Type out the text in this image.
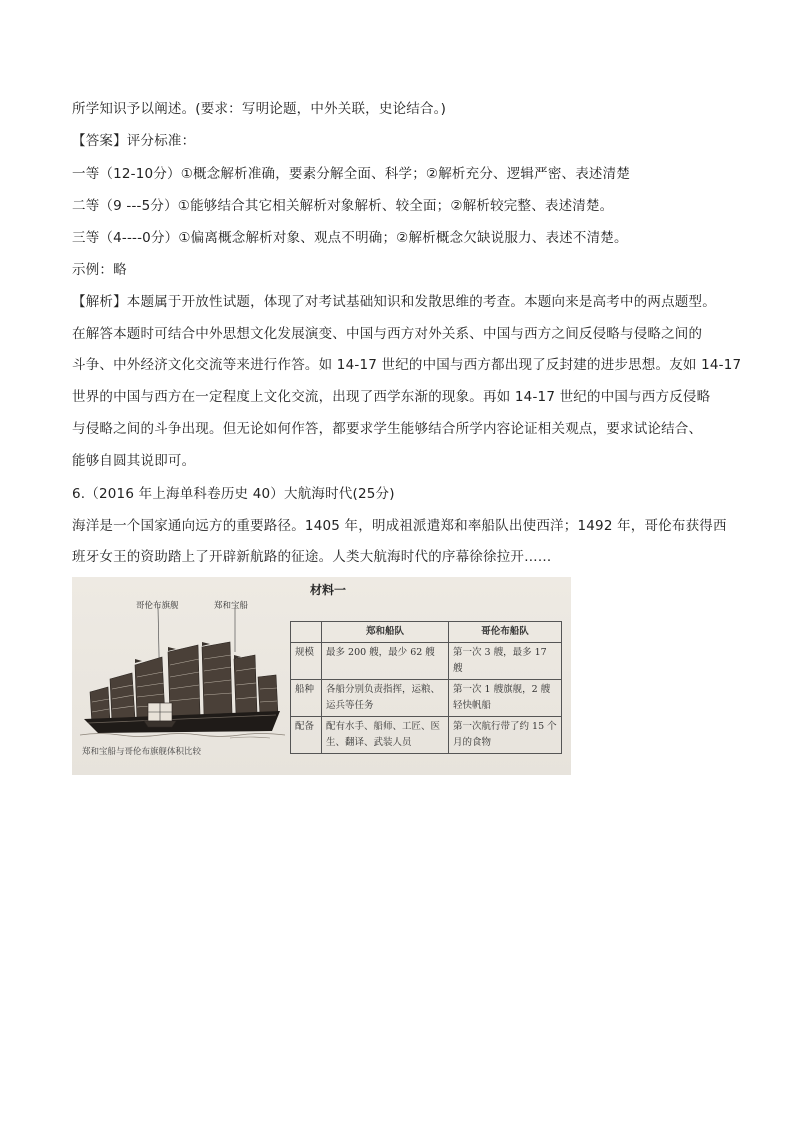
所学知识予以阐述。(要求：写明论题，中外关联，史论结合。)
【答案】评分标准：
一等（12-10分）①概念解析准确，要素分解全面、科学；②解析充分、逻辑严密、表述清楚
二等（9 ---5分）①能够结合其它相关解析对象解析、较全面；②解析较完整、表述清楚。
三等（4----0分）①偏离概念解析对象、观点不明确；②解析概念欠缺说服力、表述不清楚。
示例：略
【解析】本题属于开放性试题，体现了对考试基础知识和发散思维的考查。本题向来是高考中的两点题型。
在解答本题时可结合中外思想文化发展演变、中国与西方对外关系、中国与西方之间反侵略与侵略之间的
斗争、中外经济文化交流等来进行作答。如 14-17 世纪的中国与西方都出现了反封建的进步思想。友如 14-17
世界的中国与西方在一定程度上文化交流，出现了西学东渐的现象。再如 14-17 世纪的中国与西方反侵略
与侵略之间的斗争出现。但无论如何作答，都要求学生能够结合所学内容论证相关观点，要求试论结合、
能够自圆其说即可。
6.（2016 年上海单科卷历史 40）大航海时代(25分)
海洋是一个国家通向远方的重要路径。1405 年，明成祖派遣郑和率船队出使西洋；1492 年，哥伦布获得西
班牙女王的资助踏上了开辟新航路的征途。人类大航海时代的序幕徐徐拉开……
材料一
哥伦布旗舰	郑和宝船
郑和宝船与哥伦布旗舰体积比较
	郑和船队	哥伦布船队
规模	最多 200 艘，最少 62 艘	第一次 3 艘，最多 17 艘
船种	各船分别负责指挥，运粮、运兵等任务	第一次 1 艘旗舰，2 艘轻快帆船
配备	配有水手、船师、工匠、医生、翻译、武装人员	第一次航行带了约 15 个月的食物
